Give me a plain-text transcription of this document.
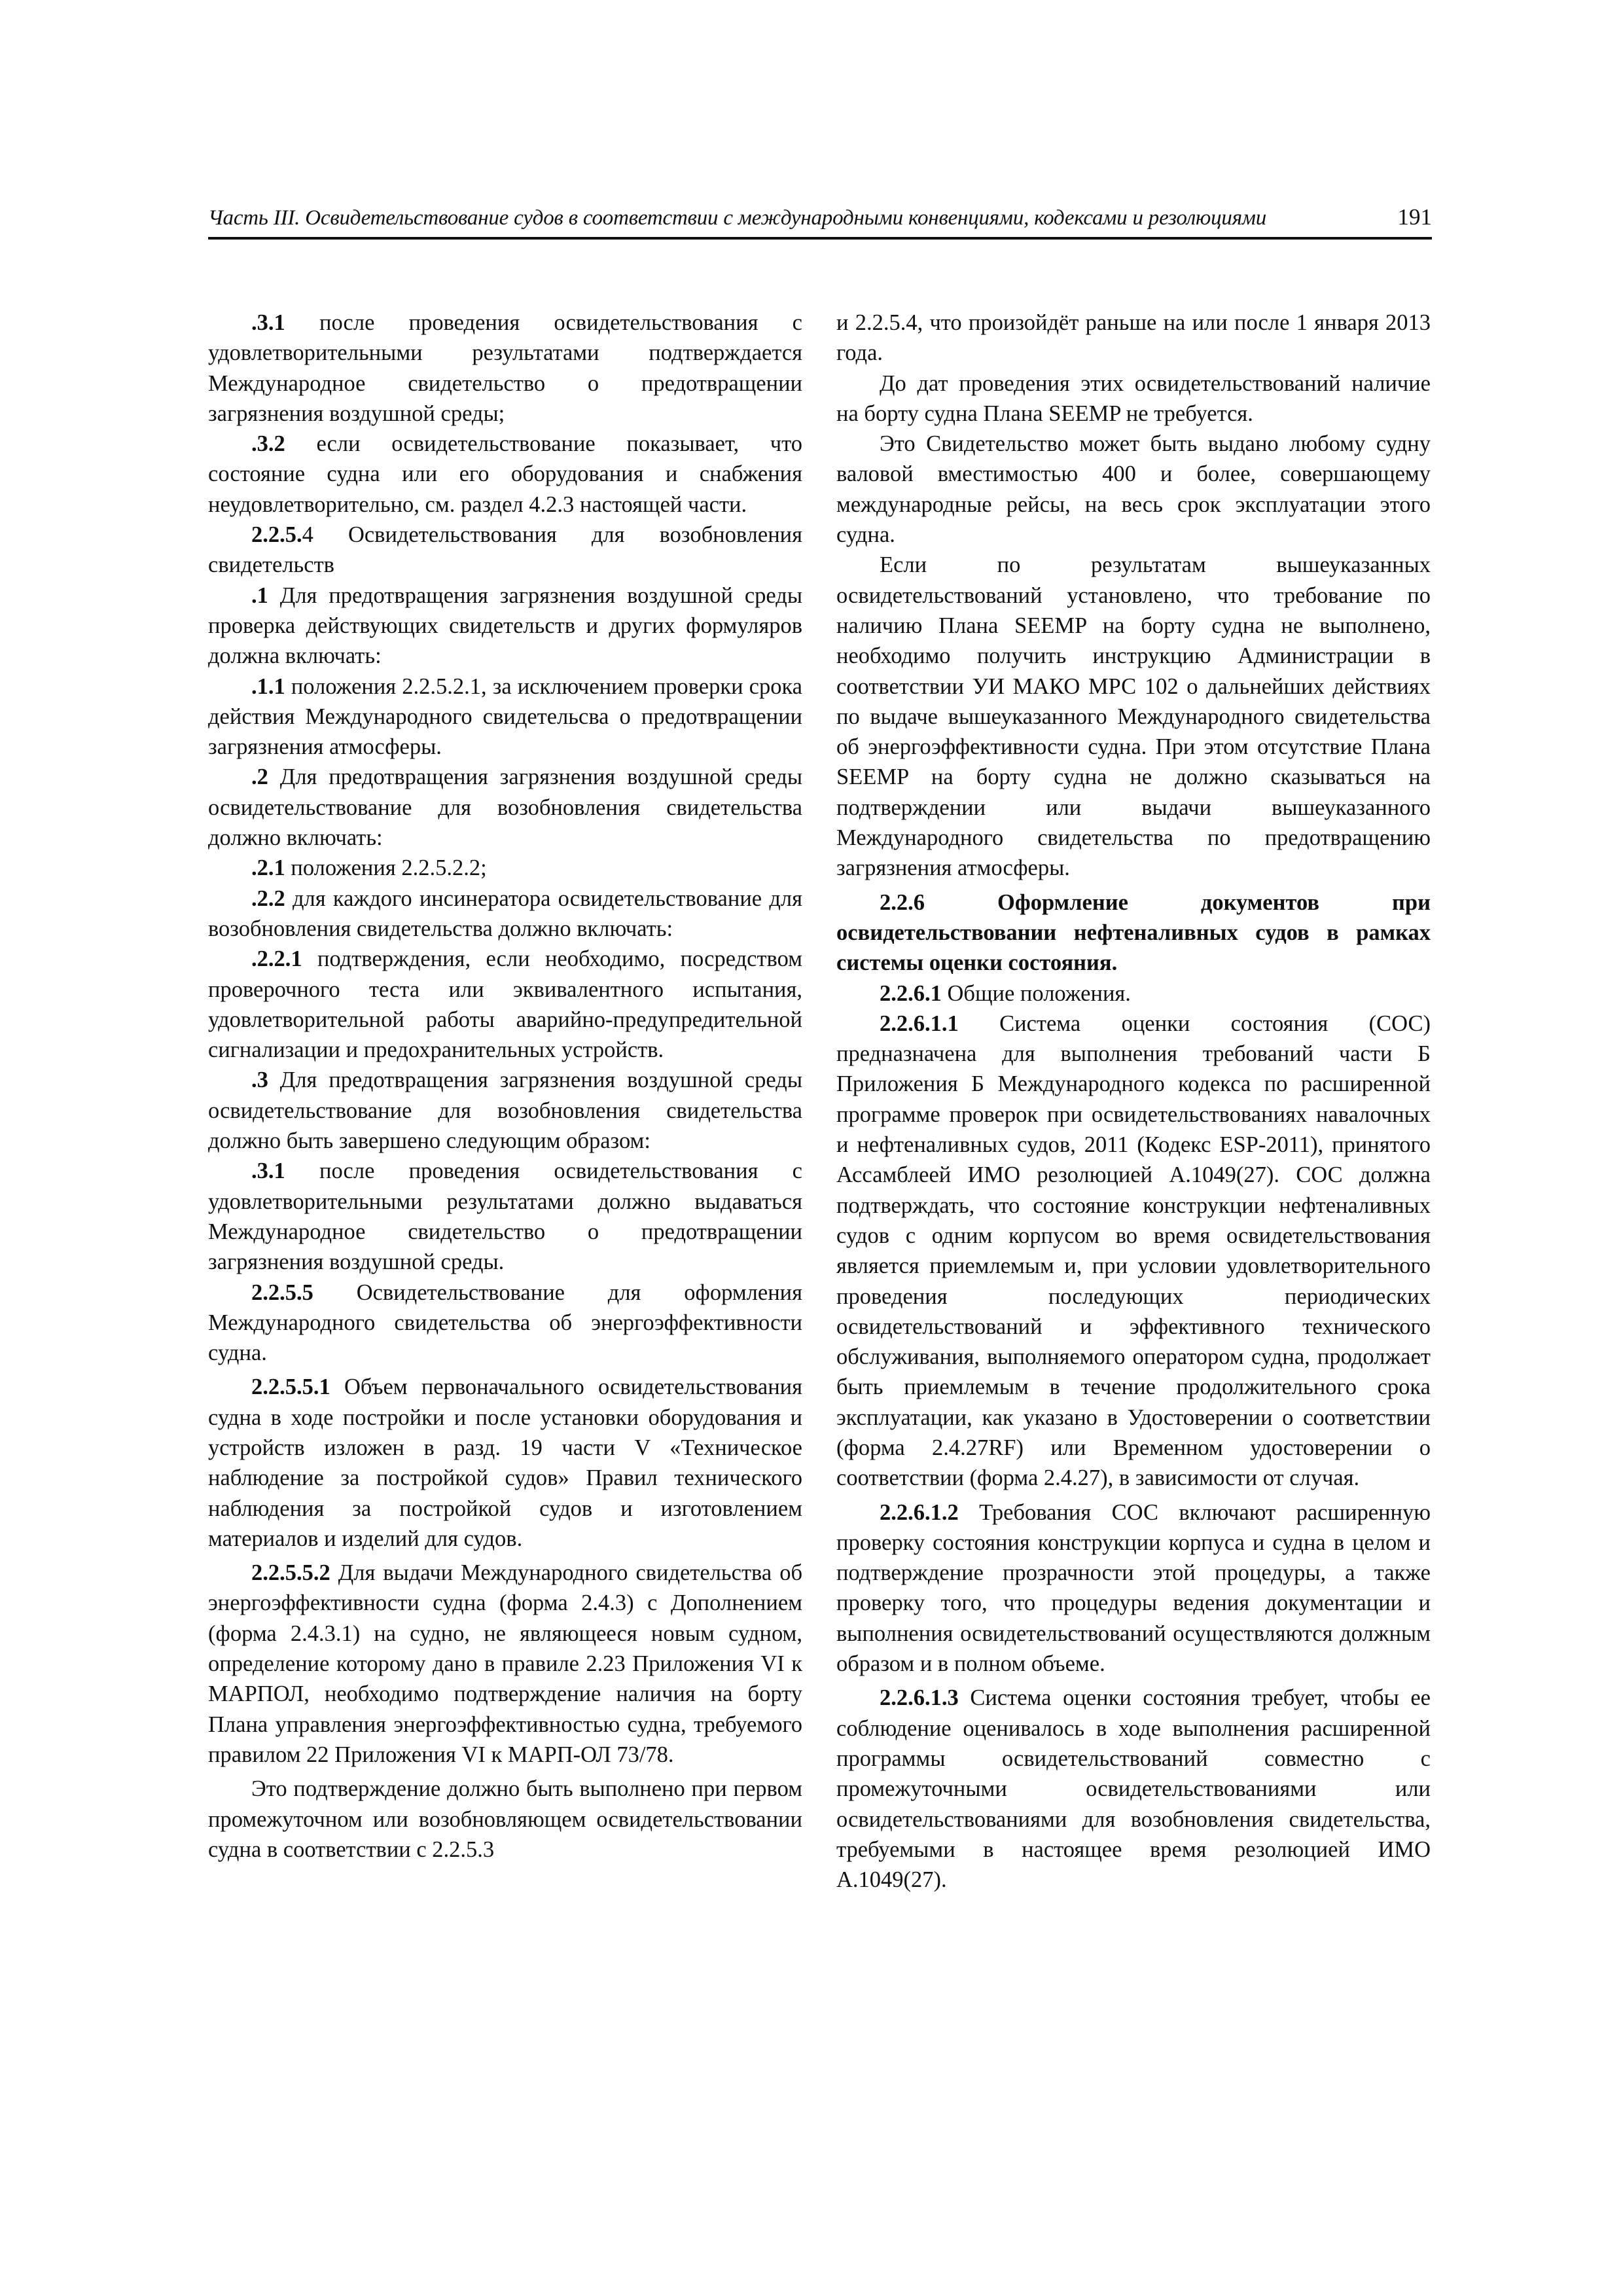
Часть III. Освидетельствование судов в соответствии с международными конвенциями, кодексами и резолюциями	191

.3.1 после проведения освидетельствования с удовлетворительными результатами подтверждается Международное свидетельство о предотвращении загрязнения воздушной среды;

.3.2 если освидетельствование показывает, что состояние судна или его оборудования и снабжения неудовлетворительно, см. раздел 4.2.3 настоящей части.

2.2.5.4 Освидетельствования для возобновления свидетельств

.1 Для предотвращения загрязнения воздушной среды проверка действующих свидетельств и других формуляров должна включать:

.1.1 положения 2.2.5.2.1, за исключением проверки срока действия Международного свидетельсва о предотвращении загрязнения атмосферы.

.2 Для предотвращения загрязнения воздушной среды освидетельствование для возобновления свидетельства должно включать:

.2.1 положения 2.2.5.2.2;

.2.2 для каждого инсинератора освидетельствование для возобновления свидетельства должно включать:

.2.2.1 подтверждения, если необходимо, посредством проверочного теста или эквивалентного испытания, удовлетворительной работы аварийно-предупредительной сигнализации и предохранительных устройств.

.3 Для предотвращения загрязнения воздушной среды освидетельствование для возобновления свидетельства должно быть завершено следующим образом:

.3.1 после проведения освидетельствования с удовлетворительными результатами должно выдаваться Международное свидетельство о предотвращении загрязнения воздушной среды.

2.2.5.5 Освидетельствование для оформления Международного свидетельства об энергоэффективности судна.

2.2.5.5.1 Объем первоначального освидетельствования судна в ходе постройки и после установки оборудования и устройств изложен в разд. 19 части V «Техническое наблюдение за постройкой судов» Правил технического наблюдения за постройкой судов и изготовлением материалов и изделий для судов.

2.2.5.5.2 Для выдачи Международного свидетельства об энергоэффективности судна (форма 2.4.3) с Дополнением (форма 2.4.3.1) на судно, не являющееся новым судном, определение которому дано в правиле 2.23 Приложения VI к МАРПОЛ, необходимо подтверждение наличия на борту Плана управления энергоэффективностью судна, требуемого правилом 22 Приложения VI к МАРП-ОЛ 73/78.

Это подтверждение должно быть выполнено при первом промежуточном или возобновляющем освидетельствовании судна в соответствии с 2.2.5.3

и 2.2.5.4, что произойдёт раньше на или после 1 января 2013 года.

До дат проведения этих освидетельствований наличие на борту судна Плана SEEMP не требуется.

Это Свидетельство может быть выдано любому судну валовой вместимостью 400 и более, совершающему международные рейсы, на весь срок эксплуатации этого судна.

Если по результатам вышеуказанных освидетельствований установлено, что требование по наличию Плана SEEMP на борту судна не выполнено, необходимо получить инструкцию Администрации в соответствии УИ МАКО МРС 102 о дальнейших действиях по выдаче вышеуказанного Международного свидетельства об энергоэффективности судна. При этом отсутствие Плана SEEMP на борту судна не должно сказываться на подтверждении или выдачи вышеуказанного Международного свидетельства по предотвращению загрязнения атмосферы.

2.2.6 Оформление документов при освидетельствовании нефтеналивных судов в рамках системы оценки состояния.

2.2.6.1 Общие положения.

2.2.6.1.1 Система оценки состояния (СОС) предназначена для выполнения требований части Б Приложения Б Международного кодекса по расширенной программе проверок при освидетельствованиях навалочных и нефтеналивных судов, 2011 (Кодекс ESP-2011), принятого Ассамблеей ИМО резолюцией А.1049(27). СОС должна подтверждать, что состояние конструкции нефтеналивных судов с одним корпусом во время освидетельствования является приемлемым и, при условии удовлетворительного проведения последующих периодических освидетельствований и эффективного технического обслуживания, выполняемого оператором судна, продолжает быть приемлемым в течение продолжительного срока эксплуатации, как указано в Удостоверении о соответствии (форма 2.4.27RF) или Временном удостоверении о соответствии (форма 2.4.27), в зависимости от случая.

2.2.6.1.2 Требования СОС включают расширенную проверку состояния конструкции корпуса и судна в целом и подтверждение прозрачности этой процедуры, а также проверку того, что процедуры ведения документации и выполнения освидетельствований осуществляются должным образом и в полном объеме.

2.2.6.1.3 Система оценки состояния требует, чтобы ее соблюдение оценивалось в ходе выполнения расширенной программы освидетельствований совместно с промежуточными освидетельствованиями или освидетельствованиями для возобновления свидетельства, требуемыми в настоящее время резолюцией ИМО А.1049(27).
